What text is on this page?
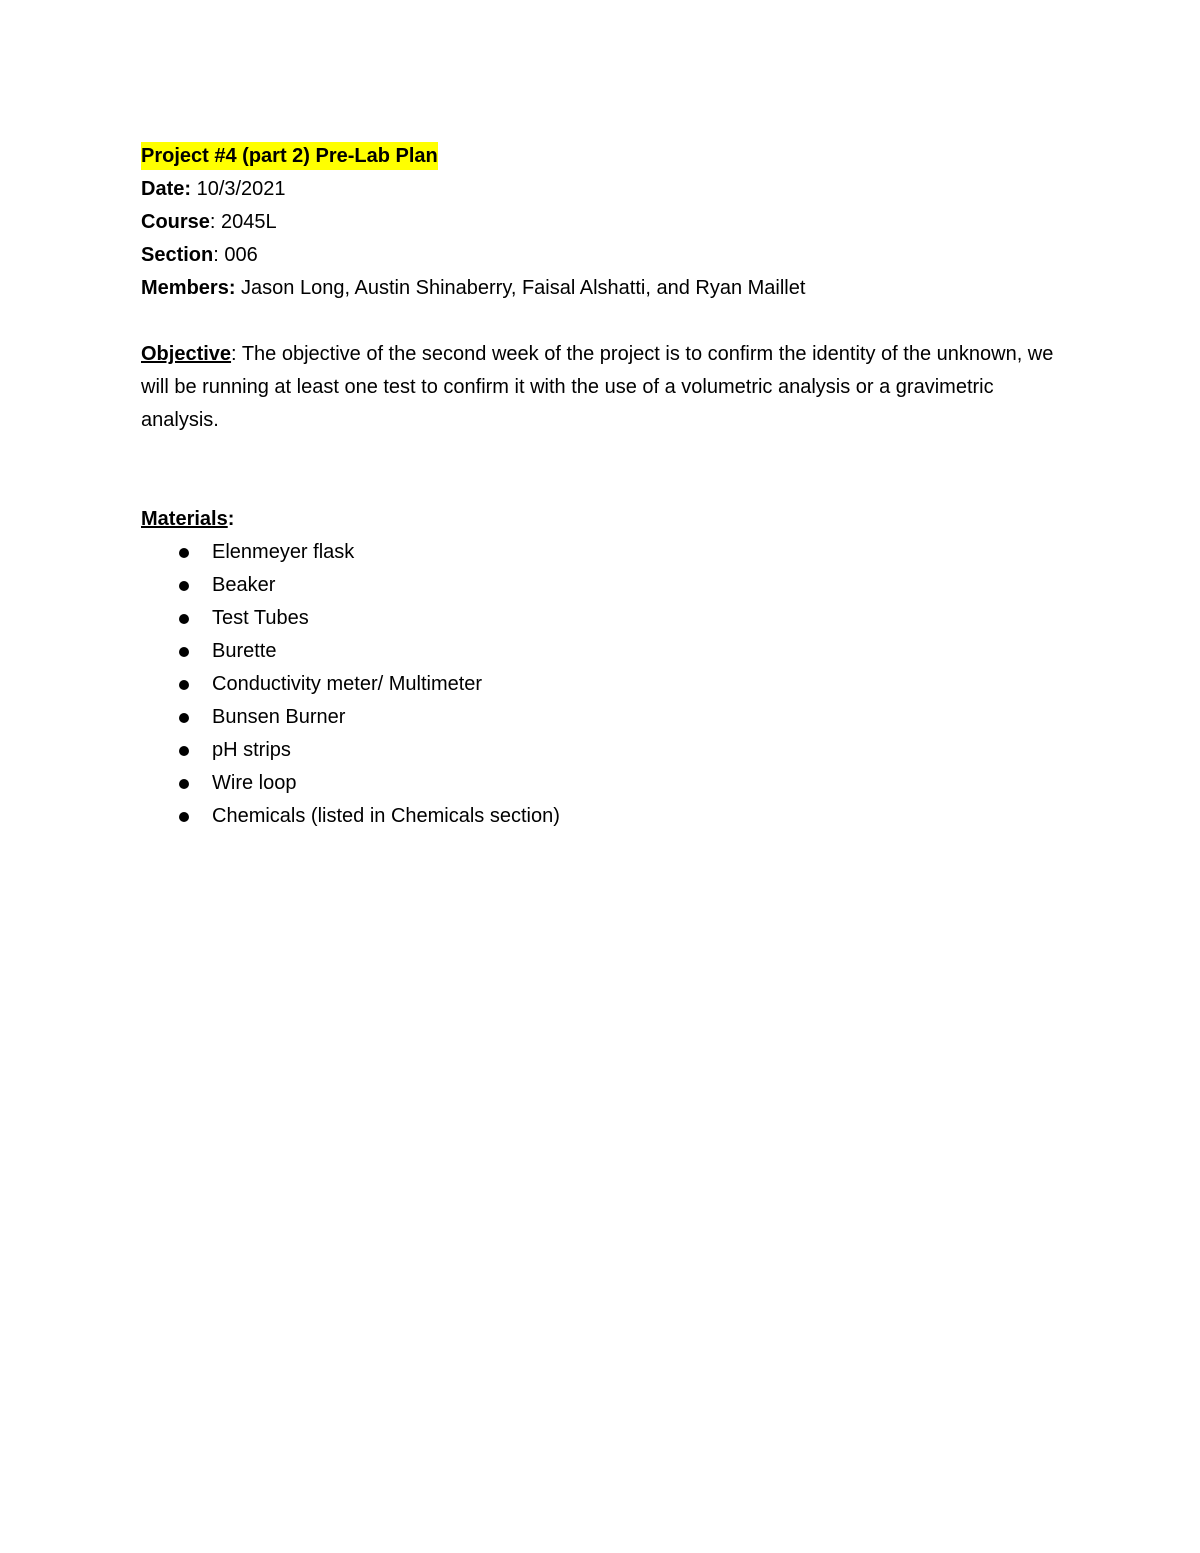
Project #4 (part 2) Pre-Lab Plan

Date: 10/3/2021

Course: 2045L

Section: 006

Members: Jason Long, Austin Shinaberry, Faisal Alshatti, and Ryan Maillet

Objective: The objective of the second week of the project is to confirm the identity of the unknown, we will be running at least one test to confirm it with the use of a volumetric analysis or a gravimetric analysis.

Materials:

Elenmeyer flask
Beaker
Test Tubes
Burette
Conductivity meter/ Multimeter
Bunsen Burner
pH strips
Wire loop
Chemicals (listed in Chemicals section)
